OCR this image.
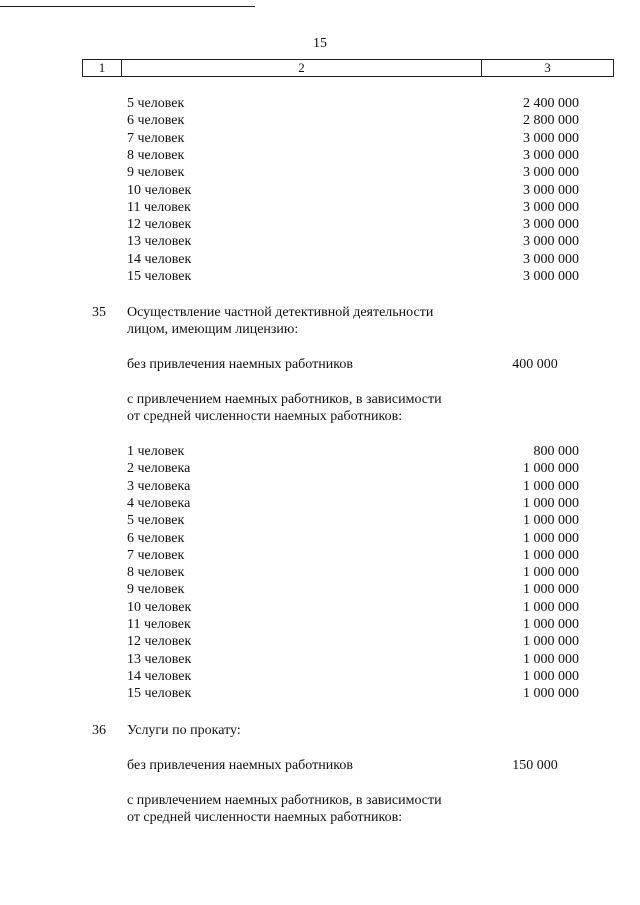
15
1	2	3
5 человек	2 400 000
6 человек	2 800 000
7 человек	3 000 000
8 человек	3 000 000
9 человек	3 000 000
10 человек	3 000 000
11 человек	3 000 000
12 человек	3 000 000
13 человек	3 000 000
14 человек	3 000 000
15 человек	3 000 000
35 Осуществление частной детективной деятельности
лицом, имеющим лицензию:
без привлечения наемных работников	400 000
с привлечением наемных работников, в зависимости
от средней численности наемных работников:
1 человек	800 000
2 человека	1 000 000
3 человека	1 000 000
4 человека	1 000 000
5 человек	1 000 000
6 человек	1 000 000
7 человек	1 000 000
8 человек	1 000 000
9 человек	1 000 000
10 человек	1 000 000
11 человек	1 000 000
12 человек	1 000 000
13 человек	1 000 000
14 человек	1 000 000
15 человек	1 000 000
36 Услуги по прокату:
без привлечения наемных работников	150 000
с привлечением наемных работников, в зависимости
от средней численности наемных работников:
